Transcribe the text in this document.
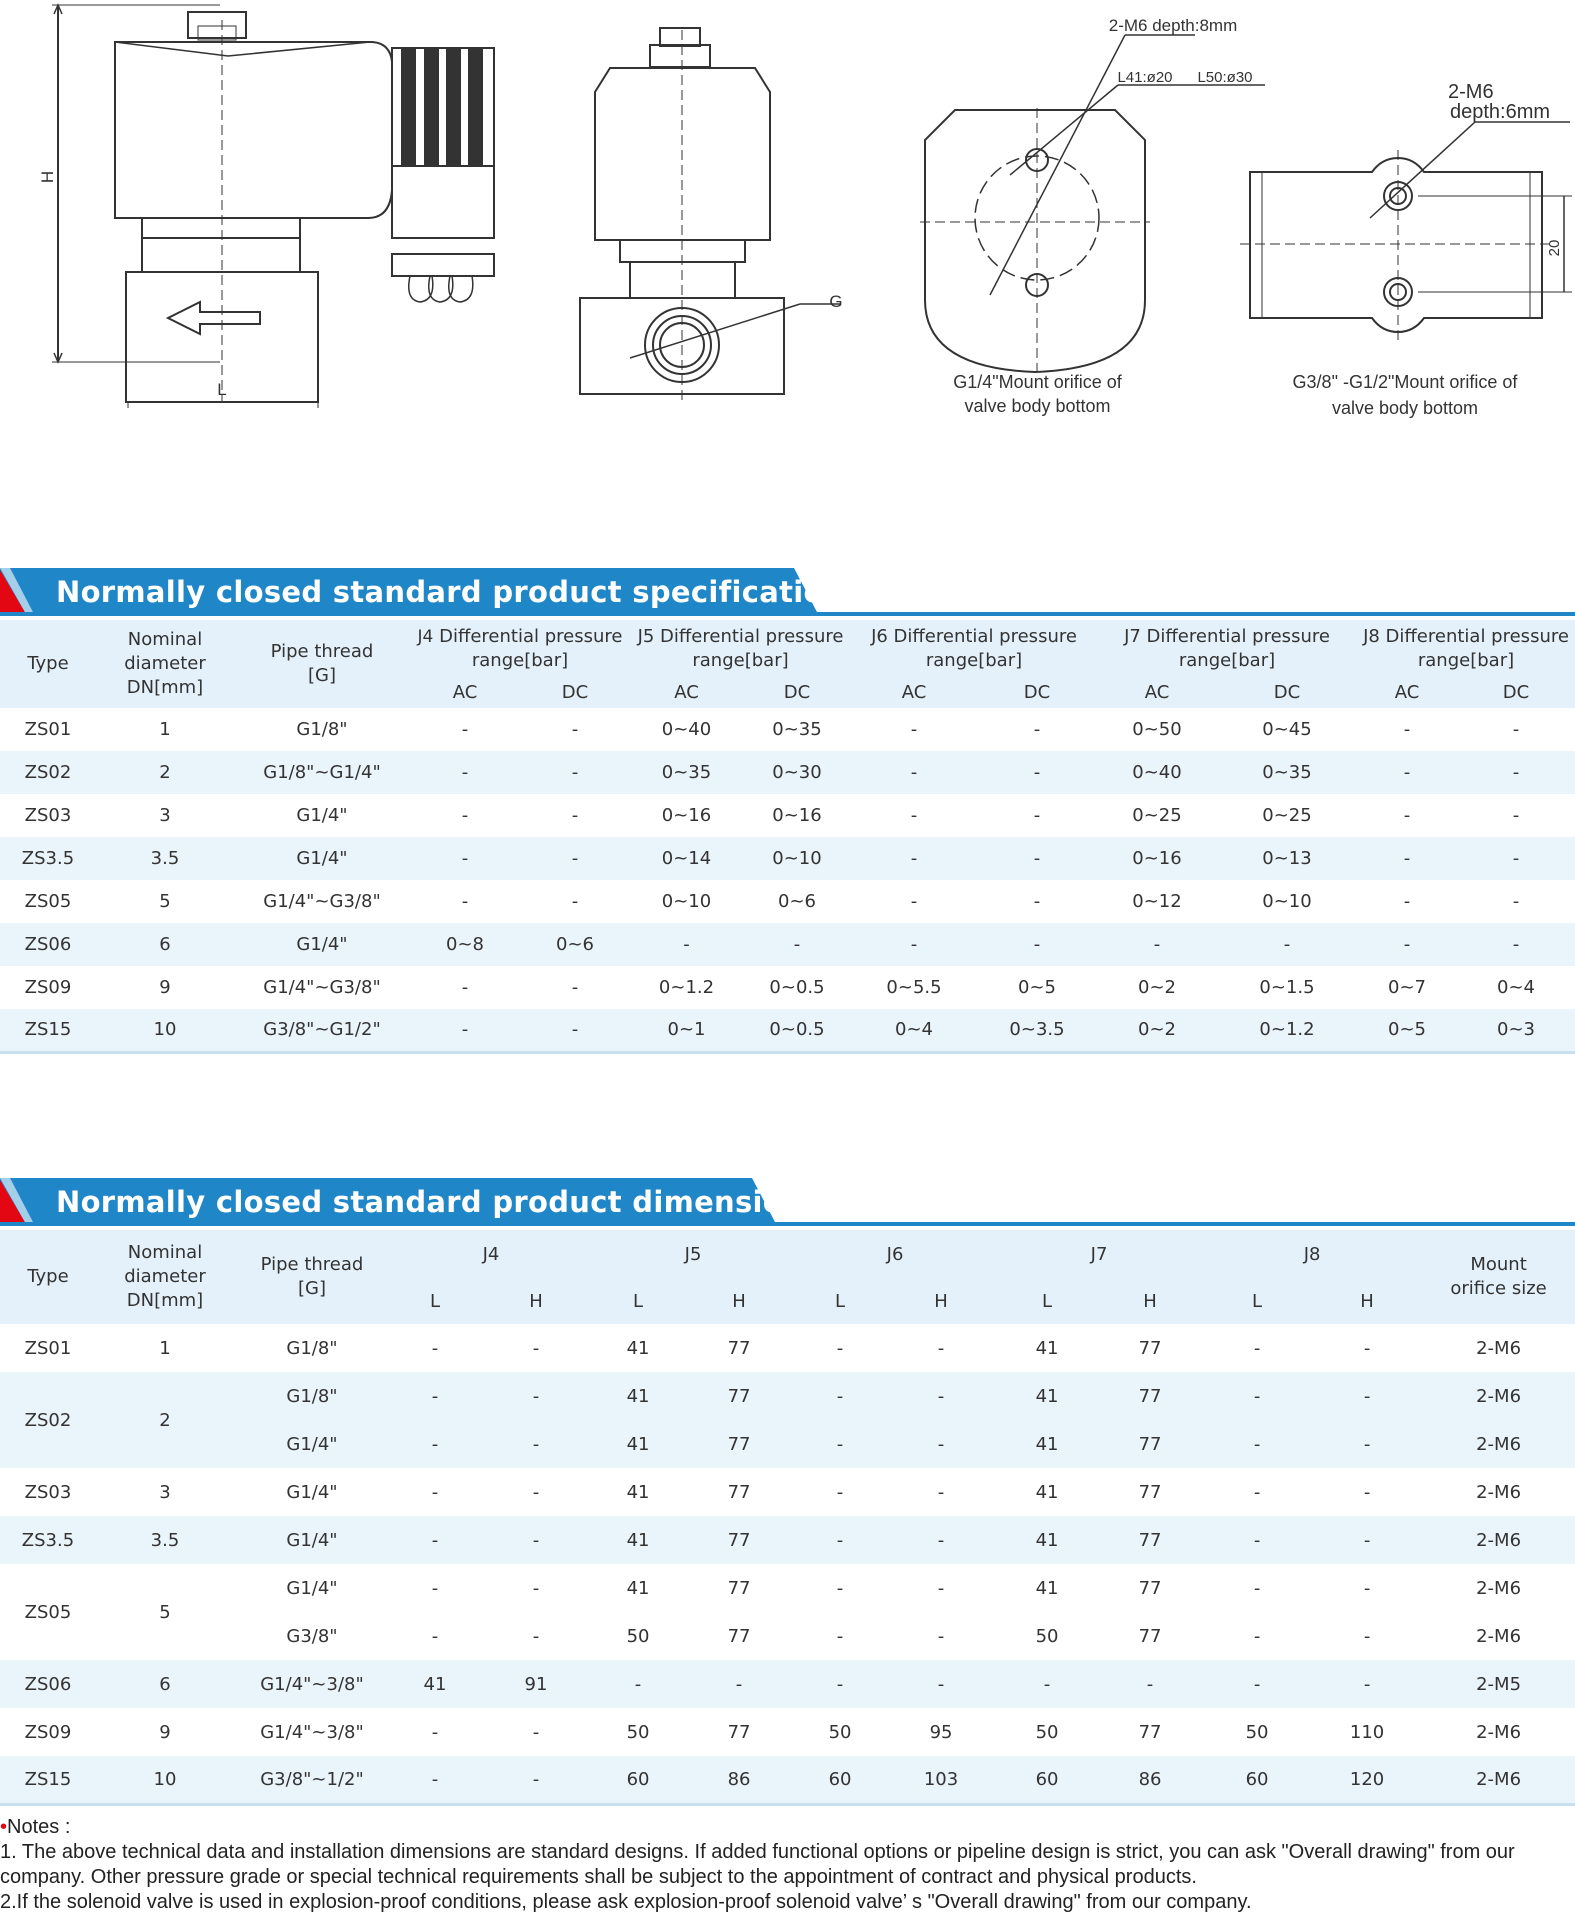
H
L
G
2-M6 depth:8mm
L41:ø20	L50:ø30
G1/4"Mount orifice of
valve body bottom
2-M6
depth:6mm
20
G3/8" -G1/2"Mount orifice of
valve body bottom
Normally closed standard product specifications
Type	Nominal
diameter
DN[mm]	Pipe thread
[G]	J4 Differential pressure
range[bar]		J5 Differential pressure
range[bar]		J6 Differential pressure
range[bar]		J7 Differential pressure
range[bar]		J8 Differential pressure
range[bar]	
			AC	DC	AC	DC	AC	DC	AC	DC	AC	DC
ZS01	1	G1/8"	-	-	0~40	0~35	-	-	0~50	0~45	-	-
ZS02	2	G1/8"~G1/4"	-	-	0~35	0~30	-	-	0~40	0~35	-	-
ZS03	3	G1/4"	-	-	0~16	0~16	-	-	0~25	0~25	-	-
ZS3.5	3.5	G1/4"	-	-	0~14	0~10	-	-	0~16	0~13	-	-
ZS05	5	G1/4"~G3/8"	-	-	0~10	0~6	-	-	0~12	0~10	-	-
ZS06	6	G1/4"	0~8	0~6	-	-	-	-	-	-	-	-
ZS09	9	G1/4"~G3/8"	-	-	0~1.2	0~0.5	0~5.5	0~5	0~2	0~1.5	0~7	0~4
ZS15	10	G3/8"~G1/2"	-	-	0~1	0~0.5	0~4	0~3.5	0~2	0~1.2	0~5	0~3
Normally closed standard product dimensions
Type	Nominal
diameter
DN[mm]	Pipe thread
[G]	J4		J5		J6		J7		J8		Mount
orifice size
			L	H	L	H	L	H	L	H	L	H	
ZS01	1	G1/8"	-	-	41	77	-	-	41	77	-	-	2-M6
ZS02	2	G1/8"	-	-	41	77	-	-	41	77	-	-	2-M6
		G1/4"	-	-	41	77	-	-	41	77	-	-	2-M6
ZS03	3	G1/4"	-	-	41	77	-	-	41	77	-	-	2-M6
ZS3.5	3.5	G1/4"	-	-	41	77	-	-	41	77	-	-	2-M6
ZS05	5	G1/4"	-	-	41	77	-	-	41	77	-	-	2-M6
		G3/8"	-	-	50	77	-	-	50	77	-	-	2-M6
ZS06	6	G1/4"~3/8"	41	91	-	-	-	-	-	-	-	-	2-M5
ZS09	9	G1/4"~3/8"	-	-	50	77	50	95	50	77	50	110	2-M6
ZS15	10	G3/8"~1/2"	-	-	60	86	60	103	60	86	60	120	2-M6
•Notes :
1. The above technical data and installation dimensions are standard designs. If added functional options or pipeline design is strict, you can ask "Overall drawing" from our
company. Other pressure grade or special technical requirements shall be subject to the appointment of contract and physical products.
2.If the solenoid valve is used in explosion-proof conditions, please ask explosion-proof solenoid valve’ s "Overall drawing" from our company.
